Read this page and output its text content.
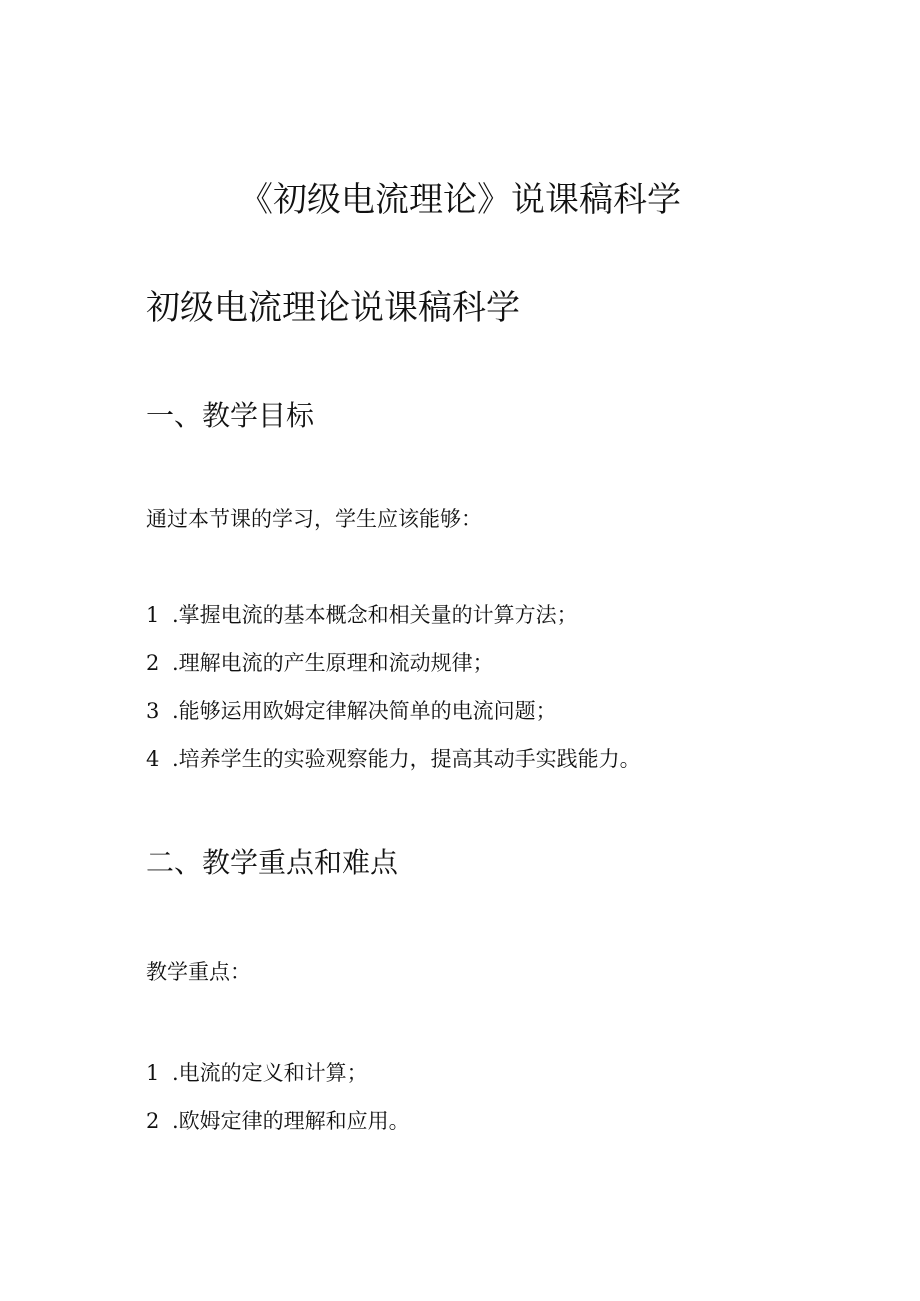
《初级电流理论》说课稿科学
初级电流理论说课稿科学
一、教学目标
通过本节课的学习，学生应该能够：
1 .掌握电流的基本概念和相关量的计算方法；
2 .理解电流的产生原理和流动规律；
3 .能够运用欧姆定律解决简单的电流问题；
4 .培养学生的实验观察能力，提高其动手实践能力。
二、教学重点和难点
教学重点：
1 .电流的定义和计算；
2 .欧姆定律的理解和应用。
